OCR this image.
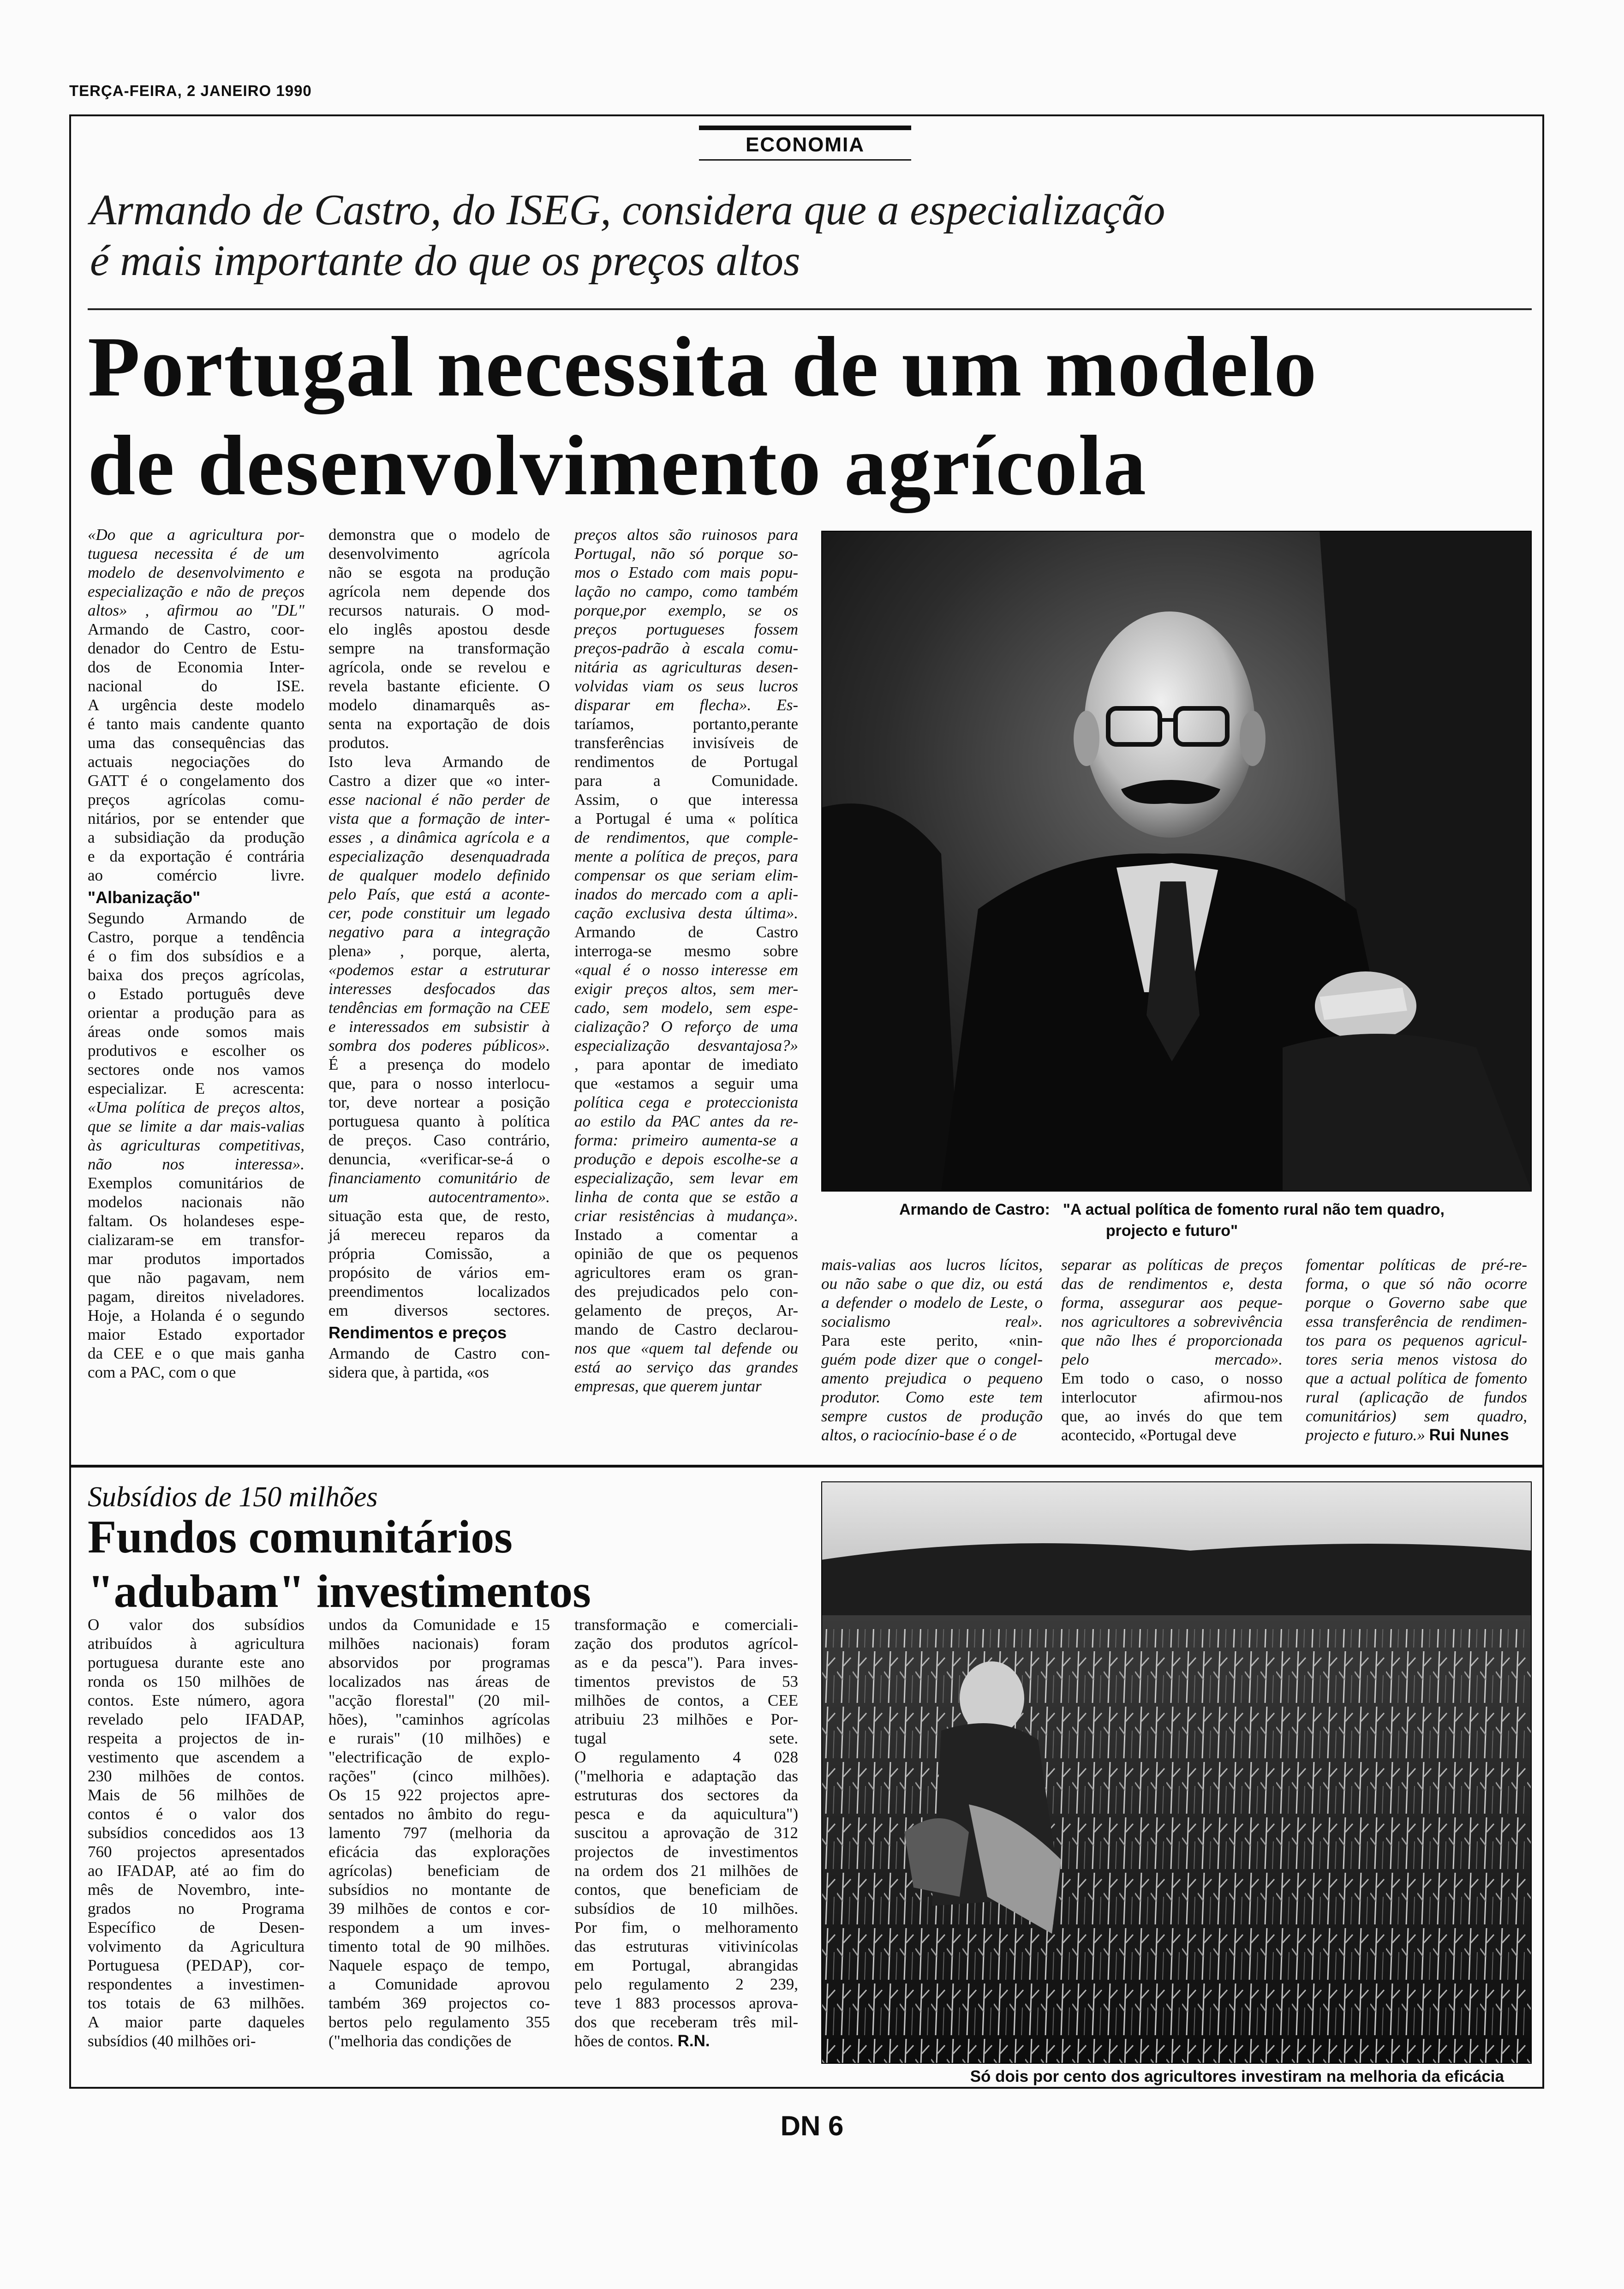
TERÇA-FEIRA, 2 JANEIRO 1990
ECONOMIA
Armando de Castro, do ISEG, considera que a especialização
é mais importante do que os preços altos
Portugal necessita de um modelo
de desenvolvimento agrícola
«Do que a agricultura por-
tuguesa necessita é de um
modelo de desenvolvimento e
especialização e não de preços
altos» , afirmou ao "DL"
Armando de Castro, coor-
denador do Centro de Estu-
dos de Economia Inter-
nacional do ISE.
A urgência deste modelo
é tanto mais candente quanto
uma das consequências das
actuais negociações do
GATT é o congelamento dos
preços agrícolas comu-
nitários, por se entender que
a subsidiação da produção
e da exportação é contrária
ao comércio livre.
"Albanização"
Segundo Armando de
Castro, porque a tendência
é o fim dos subsídios e a
baixa dos preços agrícolas,
o Estado português deve
orientar a produção para as
áreas onde somos mais
produtivos e escolher os
sectores onde nos vamos
especializar. E acrescenta:
«Uma política de preços altos,
que se limite a dar mais-valias
às agriculturas competitivas,
não nos interessa».
Exemplos comunitários de
modelos nacionais não
faltam. Os holandeses espe-
cializaram-se em transfor-
mar produtos importados
que não pagavam, nem
pagam, direitos niveladores.
Hoje, a Holanda é o segundo
maior Estado exportador
da CEE e o que mais ganha
com a PAC, com o que
demonstra que o modelo de
desenvolvimento agrícola
não se esgota na produção
agrícola nem depende dos
recursos naturais. O mod-
elo inglês apostou desde
sempre na transformação
agrícola, onde se revelou e
revela bastante eficiente. O
modelo dinamarquês as-
senta na exportação de dois
produtos.
Isto leva Armando de
Castro a dizer que «o inter-
esse nacional é não perder de
vista que a formação de inter-
esses , a dinâmica agrícola e a
especialização desenquadrada
de qualquer modelo definido
pelo País, que está a aconte-
cer, pode constituir um legado
negativo para a integração
plena» , porque, alerta,
«podemos estar a estruturar
interesses desfocados das
tendências em formação na CEE
e interessados em subsistir à
sombra dos poderes públicos».
É a presença do modelo
que, para o nosso interlocu-
tor, deve nortear a posição
portuguesa quanto à política
de preços. Caso contrário,
denuncia, «verificar-se-á o
financiamento comunitário de
um autocentramento».
situação esta que, de resto,
já mereceu reparos da
própria Comissão, a
propósito de vários em-
preendimentos localizados
em diversos sectores.
Rendimentos e preços
Armando de Castro con-
sidera que, à partida, «os
preços altos são ruinosos para
Portugal, não só porque so-
mos o Estado com mais popu-
lação no campo, como também
porque,por exemplo, se os
preços portugueses fossem
preços-padrão à escala comu-
nitária as agriculturas desen-
volvidas viam os seus lucros
disparar em flecha». Es-
taríamos, portanto,perante
transferências invisíveis de
rendimentos de Portugal
para a Comunidade.
Assim, o que interessa
a Portugal é uma « política
de rendimentos, que comple-
mente a política de preços, para
compensar os que seriam elim-
inados do mercado com a apli-
cação exclusiva desta última».
Armando de Castro
interroga-se mesmo sobre
«qual é o nosso interesse em
exigir preços altos, sem mer-
cado, sem modelo, sem espe-
cialização? O reforço de uma
especialização desvantajosa?»
, para apontar de imediato
que «estamos a seguir uma
política cega e proteccionista
ao estilo da PAC antes da re-
forma: primeiro aumenta-se a
produção e depois escolhe-se a
especialização, sem levar em
linha de conta que se estão a
criar resistências à mudança».
Instado a comentar a
opinião de que os pequenos
agricultores eram os gran-
des prejudicados pelo con-
gelamento de preços, Ar-
mando de Castro declarou-
nos que «quem tal defende ou
está ao serviço das grandes
empresas, que querem juntar
mais-valias aos lucros lícitos,
ou não sabe o que diz, ou está
a defender o modelo de Leste, o
socialismo real».
Para este perito, «nin-
guém pode dizer que o congel-
amento prejudica o pequeno
produtor. Como este tem
sempre custos de produção
altos, o raciocínio-base é o de
separar as políticas de preços
das de rendimentos e, desta
forma, assegurar aos peque-
nos agricultores a sobrevivência
que não lhes é proporcionada
pelo mercado».
Em todo o caso, o nosso
interlocutor afirmou-nos
que, ao invés do que tem
acontecido, «Portugal deve
fomentar políticas de pré-re-
forma, o que só não ocorre
porque o Governo sabe que
essa transferência de rendimen-
tos para os pequenos agricul-
tores seria menos vistosa do
que a actual política de fomento
rural (aplicação de fundos
comunitários) sem quadro,
projecto e futuro.» Rui Nunes
Armando de Castro: "A actual política de fomento rural não tem quadro,
projecto e futuro"
Subsídios de 150 milhões
Fundos comunitários
"adubam" investimentos
O valor dos subsídios
atribuídos à agricultura
portuguesa durante este ano
ronda os 150 milhões de
contos. Este número, agora
revelado pelo IFADAP,
respeita a projectos de in-
vestimento que ascendem a
230 milhões de contos.
Mais de 56 milhões de
contos é o valor dos
subsídios concedidos aos 13
760 projectos apresentados
ao IFADAP, até ao fim do
mês de Novembro, inte-
grados no Programa
Específico de Desen-
volvimento da Agricultura
Portuguesa (PEDAP), cor-
respondentes a investimen-
tos totais de 63 milhões.
A maior parte daqueles
subsídios (40 milhões ori-
undos da Comunidade e 15
milhões nacionais) foram
absorvidos por programas
localizados nas áreas de
"acção florestal" (20 mil-
hões), "caminhos agrícolas
e rurais" (10 milhões) e
"electrificação de explo-
rações" (cinco milhões).
Os 15 922 projectos apre-
sentados no âmbito do regu-
lamento 797 (melhoria da
eficácia das explorações
agrícolas) beneficiam de
subsídios no montante de
39 milhões de contos e cor-
respondem a um inves-
timento total de 90 milhões.
Naquele espaço de tempo,
a Comunidade aprovou
também 369 projectos co-
bertos pelo regulamento 355
("melhoria das condições de
transformação e comerciali-
zação dos produtos agrícol-
as e da pesca"). Para inves-
timentos previstos de 53
milhões de contos, a CEE
atribuiu 23 milhões e Por-
tugal sete.
O regulamento 4 028
("melhoria e adaptação das
estruturas dos sectores da
pesca e da aquicultura")
suscitou a aprovação de 312
projectos de investimentos
na ordem dos 21 milhões de
contos, que beneficiam de
subsídios de 10 milhões.
Por fim, o melhoramento
das estruturas vitivinícolas
em Portugal, abrangidas
pelo regulamento 2 239,
teve 1 883 processos aprova-
dos que receberam três mil-
hões de contos. R.N.
Só dois por cento dos agricultores investiram na melhoria da eficácia
DN 6
